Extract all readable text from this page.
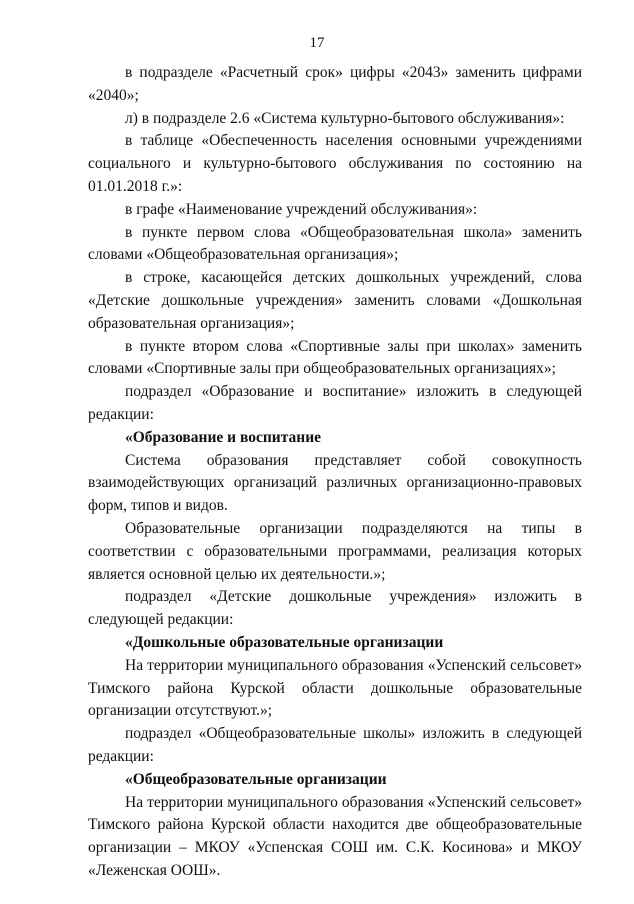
17

в подразделе «Расчетный срок» цифры «2043» заменить цифрами «2040»;

л) в подразделе 2.6 «Система культурно-бытового обслуживания»:

в таблице «Обеспеченность населения основными учреждениями социального и культурно-бытового обслуживания по состоянию на 01.01.2018 г.»:

в графе «Наименование учреждений обслуживания»:

в пункте первом слова «Общеобразовательная школа» заменить словами «Общеобразовательная организация»;

в строке, касающейся детских дошкольных учреждений, слова «Детские дошкольные учреждения» заменить словами «Дошкольная образовательная организация»;

в пункте втором слова «Спортивные залы при школах» заменить словами «Спортивные залы при общеобразовательных организациях»;

подраздел «Образование и воспитание» изложить в следующей редакции:

«Образование и воспитание

Система образования представляет собой совокупность взаимодействующих организаций различных организационно-правовых форм, типов и видов.

Образовательные организации подразделяются на типы в соответствии с образовательными программами, реализация которых является основной целью их деятельности.»;

подраздел «Детские дошкольные учреждения» изложить в следующей редакции:

«Дошкольные образовательные организации

На территории муниципального образования «Успенский сельсовет» Тимского района Курской области дошкольные образовательные организации отсутствуют.»;

подраздел «Общеобразовательные школы» изложить в следующей редакции:

«Общеобразовательные организации

На территории муниципального образования «Успенский сельсовет» Тимского района Курской области находится две общеобразовательные организации – МКОУ «Успенская СОШ им. С.К. Косинова» и МКОУ «Леженская ООШ».
